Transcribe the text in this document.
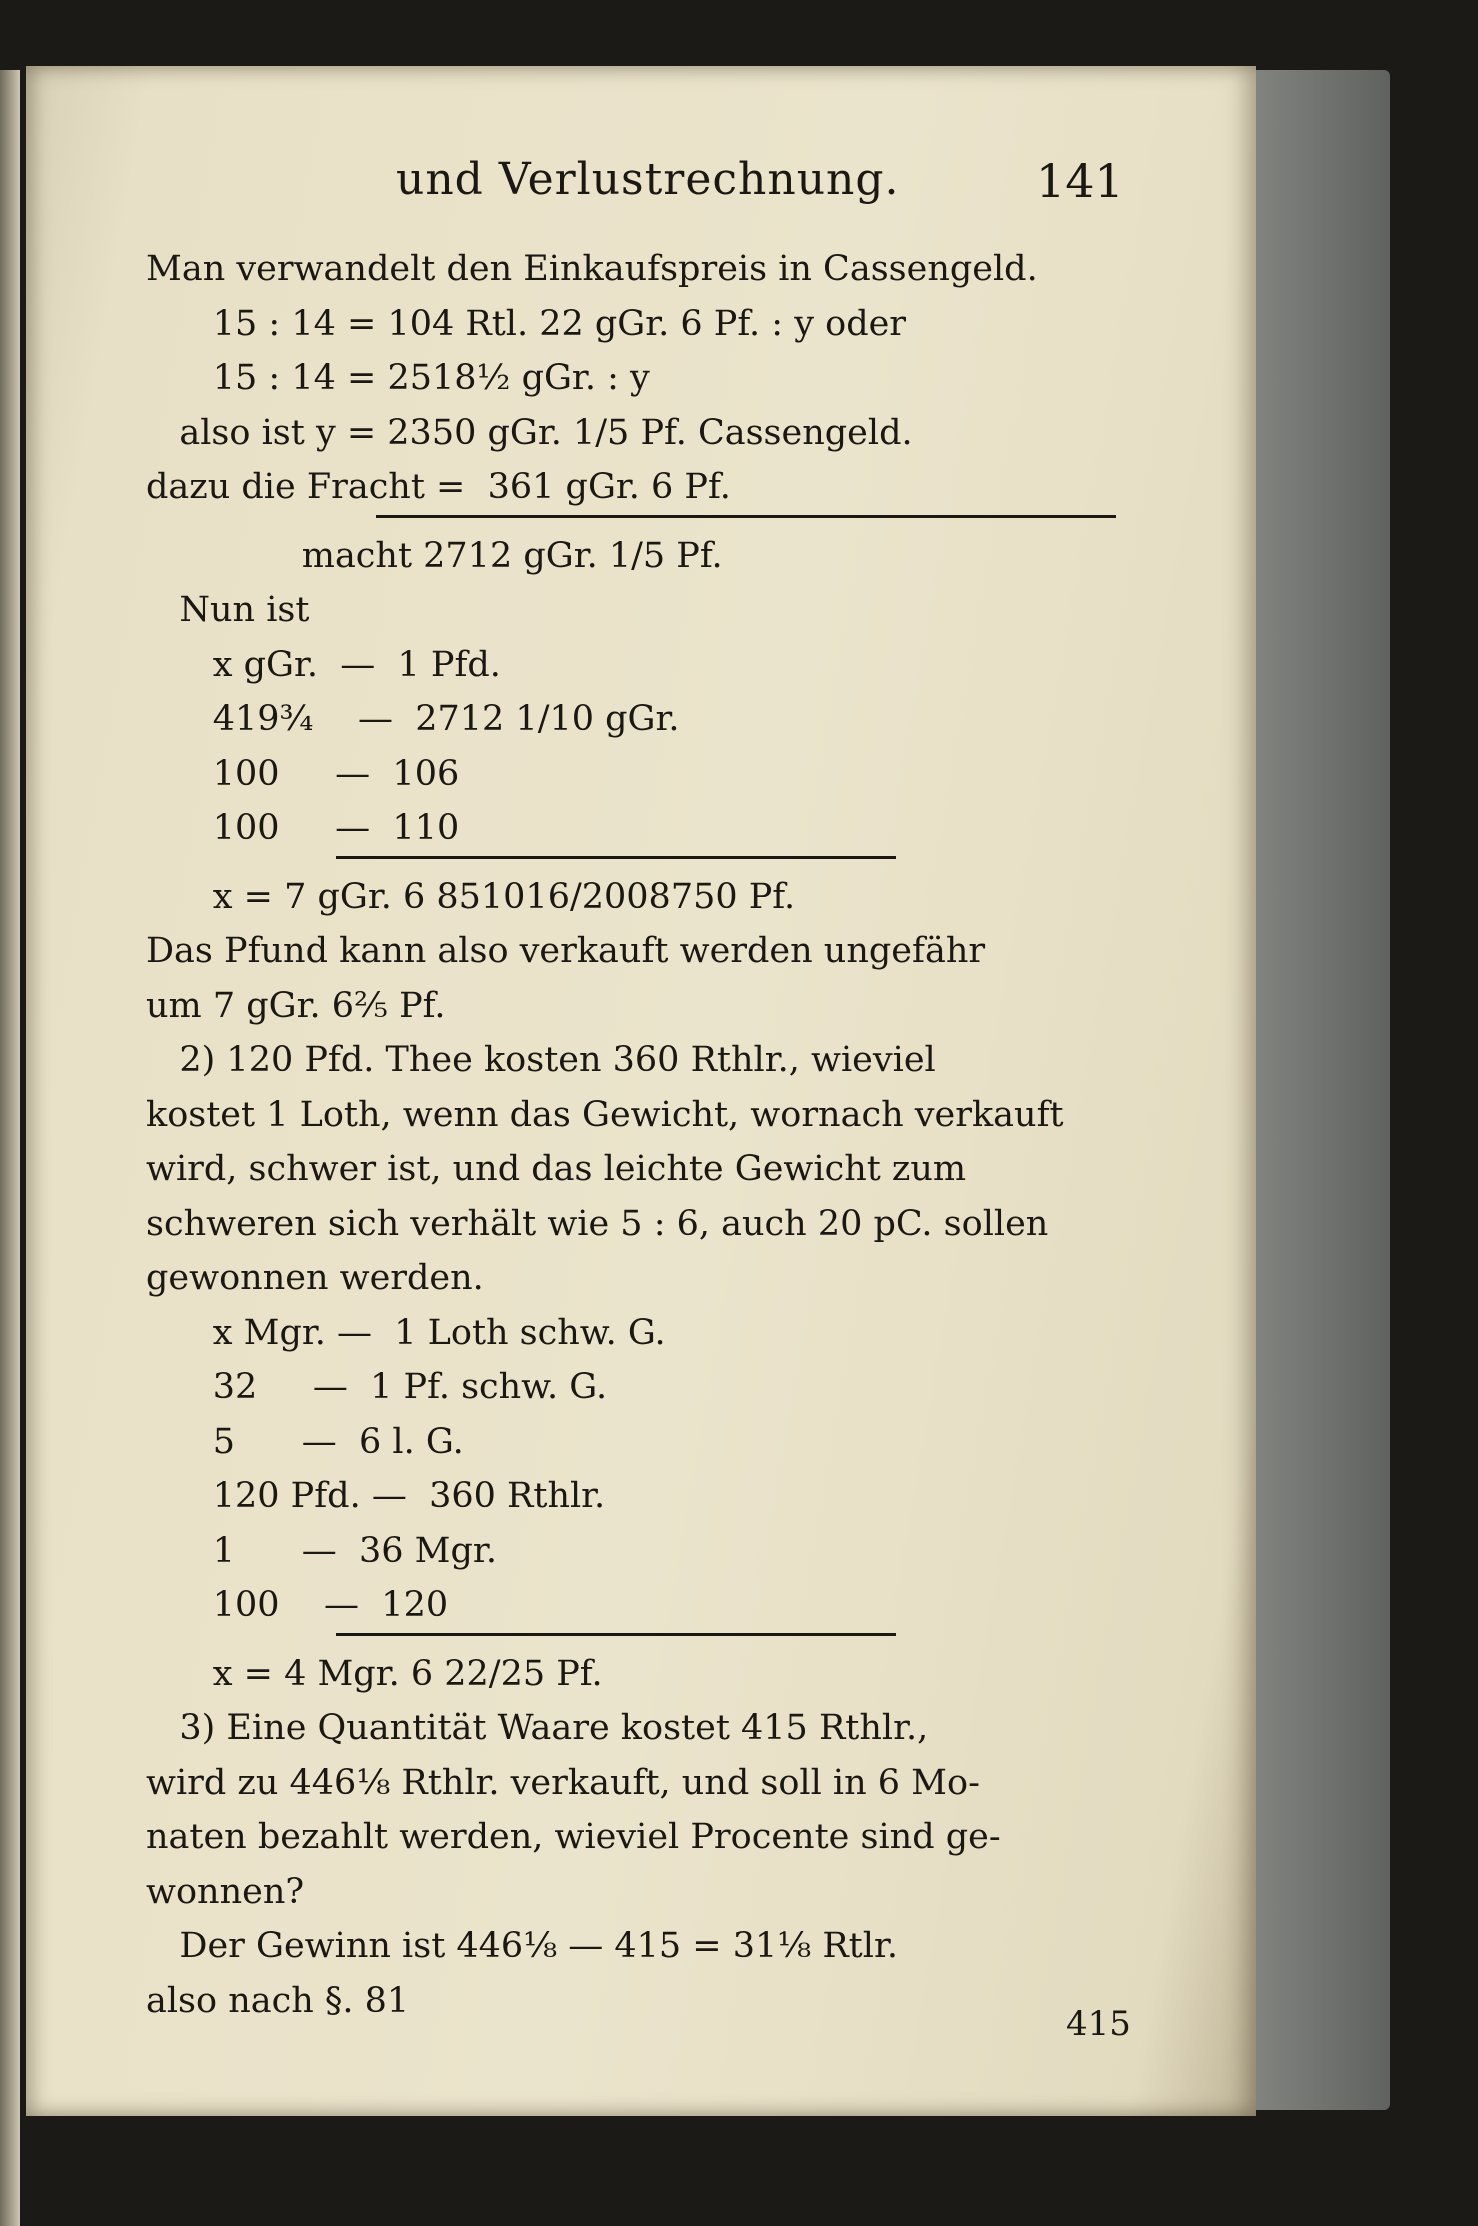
und Verlustrechnung.	141
Man verwandelt den Einkaufspreis in Cassengeld.
15 : 14 = 104 Rtl. 22 gGr. 6 Pf. : y oder
15 : 14 = 2518½ gGr. : y
also ist y = 2350 gGr. 1/5 Pf. Cassengeld.
dazu die Fracht =  361 gGr. 6 Pf.
macht 2712 gGr. 1/5 Pf.
Nun ist
x gGr.  —  1 Pfd.
419¾    —  2712 1/10 gGr.
100     —  106
100     —  110
x = 7 gGr. 6 851016/2008750 Pf.
Das Pfund kann also verkauft werden ungefähr
um 7 gGr. 6⅖ Pf.
2) 120 Pfd. Thee kosten 360 Rthlr., wieviel
kostet 1 Loth, wenn das Gewicht, wornach verkauft
wird, schwer ist, und das leichte Gewicht zum
schweren sich verhält wie 5 : 6, auch 20 pC. sollen
gewonnen werden.
x Mgr. —  1 Loth schw. G.
32     —  1 Pf. schw. G.
5      —  6 l. G.
120 Pfd. —  360 Rthlr.
1      —  36 Mgr.
100    —  120
x = 4 Mgr. 6 22/25 Pf.
3) Eine Quantität Waare kostet 415 Rthlr.,
wird zu 446⅛ Rthlr. verkauft, und soll in 6 Mo-
naten bezahlt werden, wieviel Procente sind ge-
wonnen?
Der Gewinn ist 446⅛ — 415 = 31⅛ Rtlr.
also nach §. 81
415
